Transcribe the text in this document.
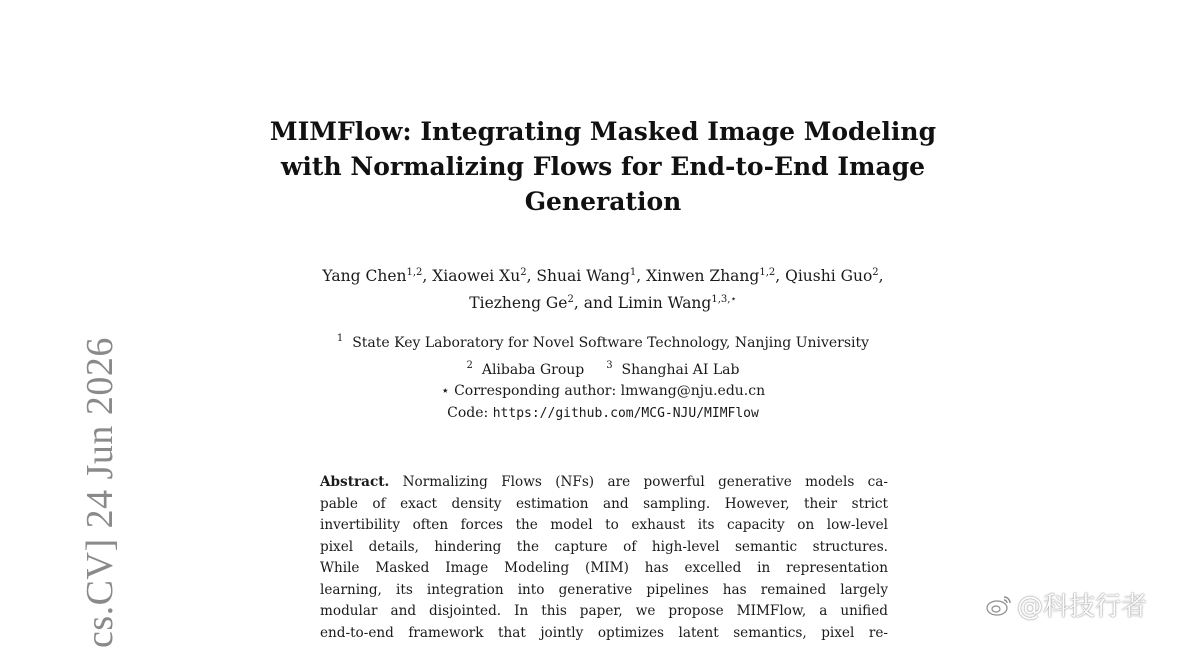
cs.CV] 24 Jun 2026
MIMFlow: Integrating Masked Image Modeling
with Normalizing Flows for End-to-End Image
Generation
Yang Chen$^{1,2}$, Xiaowei Xu$^2$, Shuai Wang$^1$, Xinwen Zhang$^{1,2}$, Qiushi Guo$^2$,
Tiezheng Ge$^2$, and Limin Wang$^{1,3,⋆}$
$^1$ State Key Laboratory for Novel Software Technology, Nanjing University
$^2$ Alibaba Group $^3$ Shanghai AI Lab
⋆ Corresponding author: lmwang@nju.edu.cn
Code: https://github.com/MCG-NJU/MIMFlow
Abstract. Normalizing Flows (NFs) are powerful generative models ca-
pable of exact density estimation and sampling. However, their strict
invertibility often forces the model to exhaust its capacity on low-level
pixel details, hindering the capture of high-level semantic structures.
While Masked Image Modeling (MIM) has excelled in representation
learning, its integration into generative pipelines has remained largely
modular and disjointed. In this paper, we propose MIMFlow, a unified
end-to-end framework that jointly optimizes latent semantics, pixel re-
@科技行者
